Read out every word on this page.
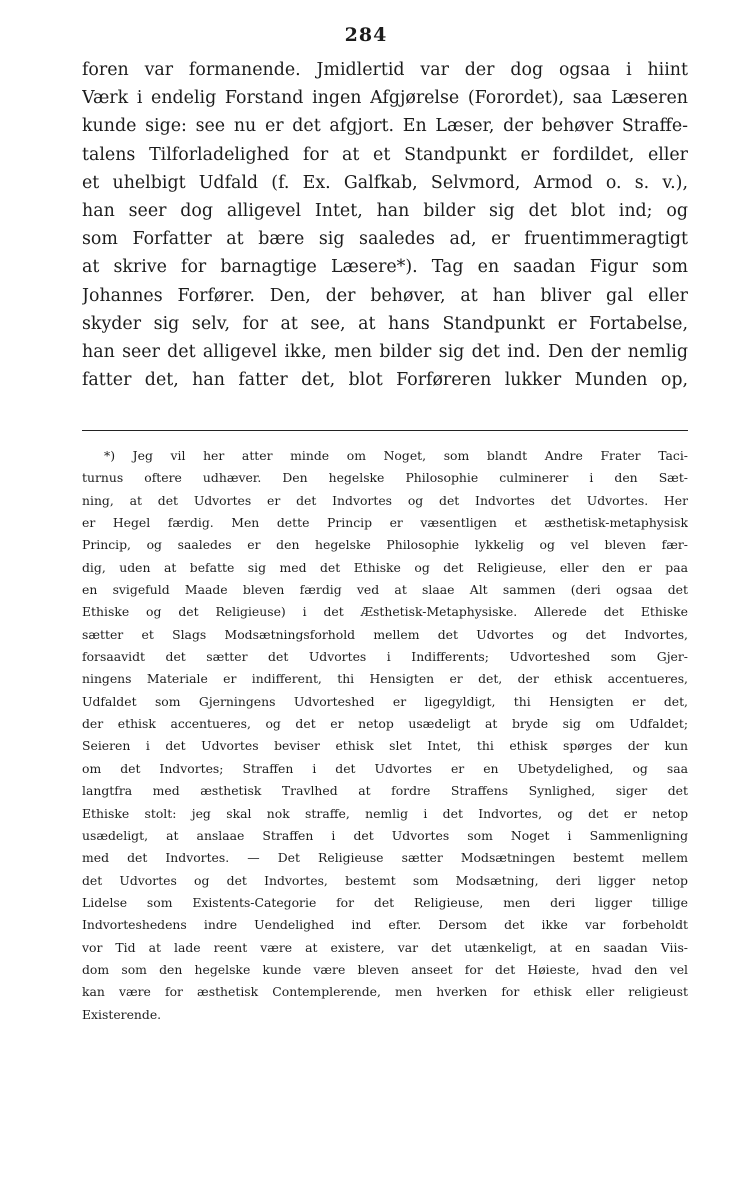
284
foren var formanende. Jmidlertid var der dog ogsaa i hiint
Værk i endelig Forstand ingen Afgjørelse (Forordet), saa Læseren
kunde sige: see nu er det afgjort. En Læser, der behøver Straffe-
talens Tilforladelighed for at et Standpunkt er fordildet, eller
et uhelbigt Udfald (f. Ex. Galfkab, Selvmord, Armod o. s. v.),
han seer dog alligevel Intet, han bilder sig det blot ind; og
som Forfatter at bære sig saaledes ad, er fruentimmeragtigt
at skrive for barnagtige Læsere*). Tag en saadan Figur som
Johannes Forfører. Den, der behøver, at han bliver gal eller
skyder sig selv, for at see, at hans Standpunkt er Fortabelse,
han seer det alligevel ikke, men bilder sig det ind. Den der nemlig
fatter det, han fatter det, blot Forføreren lukker Munden op,
*) Jeg vil her atter minde om Noget, som blandt Andre Frater Taci-
turnus oftere udhæver. Den hegelske Philosophie culminerer i den Sæt-
ning, at det Udvortes er det Indvortes og det Indvortes det Udvortes. Her
er Hegel færdig. Men dette Princip er væsentligen et æsthetisk-metaphysisk
Princip, og saaledes er den hegelske Philosophie lykkelig og vel bleven fær-
dig, uden at befatte sig med det Ethiske og det Religieuse, eller den er paa
en svigefuld Maade bleven færdig ved at slaae Alt sammen (deri ogsaa det
Ethiske og det Religieuse) i det Æsthetisk-Metaphysiske. Allerede det Ethiske
sætter et Slags Modsætningsforhold mellem det Udvortes og det Indvortes,
forsaavidt det sætter det Udvortes i Indifferents; Udvorteshed som Gjer-
ningens Materiale er indifferent, thi Hensigten er det, der ethisk accentueres,
Udfaldet som Gjerningens Udvorteshed er ligegyldigt, thi Hensigten er det,
der ethisk accentueres, og det er netop usædeligt at bryde sig om Udfaldet;
Seieren i det Udvortes beviser ethisk slet Intet, thi ethisk spørges der kun
om det Indvortes; Straffen i det Udvortes er en Ubetydelighed, og saa
langtfra med æsthetisk Travlhed at fordre Straffens Synlighed, siger det
Ethiske stolt: jeg skal nok straffe, nemlig i det Indvortes, og det er netop
usædeligt, at anslaae Straffen i det Udvortes som Noget i Sammenligning
med det Indvortes. — Det Religieuse sætter Modsætningen bestemt mellem
det Udvortes og det Indvortes, bestemt som Modsætning, deri ligger netop
Lidelse som Existents-Categorie for det Religieuse, men deri ligger tillige
Indvorteshedens indre Uendelighed ind efter. Dersom det ikke var forbeholdt
vor Tid at lade reent være at existere, var det utænkeligt, at en saadan Viis-
dom som den hegelske kunde være bleven anseet for det Høieste, hvad den vel
kan være for æsthetisk Contemplerende, men hverken for ethisk eller religieust
Existerende.
